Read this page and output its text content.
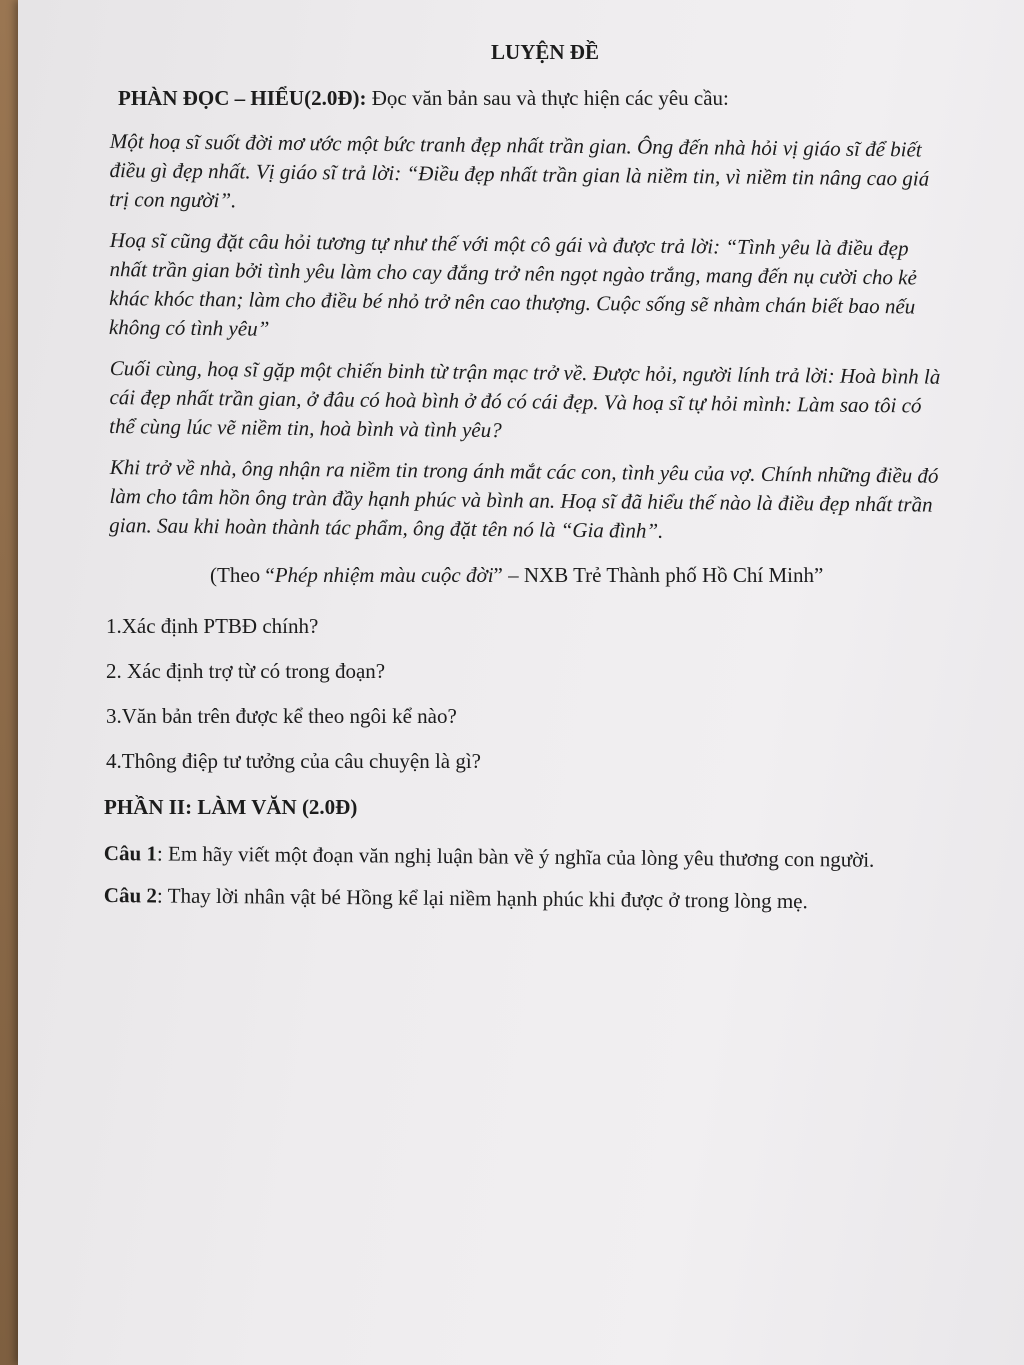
LUYỆN ĐỀ
PHÀN ĐỌC – HIỂU(2.0Đ): Đọc văn bản sau và thực hiện các yêu cầu:

Một hoạ sĩ suốt đời mơ ước một bức tranh đẹp nhất trần gian. Ông đến nhà hỏi vị giáo sĩ để biết điều gì đẹp nhất. Vị giáo sĩ trả lời: “Điều đẹp nhất trần gian là niềm tin, vì niềm tin nâng cao giá trị con người”.

Hoạ sĩ cũng đặt câu hỏi tương tự như thế với một cô gái và được trả lời: “Tình yêu là điều đẹp nhất trần gian bởi tình yêu làm cho cay đắng trở nên ngọt ngào trắng, mang đến nụ cười cho kẻ khác khóc than; làm cho điều bé nhỏ trở nên cao thượng. Cuộc sống sẽ nhàm chán biết bao nếu không có tình yêu”

Cuối cùng, hoạ sĩ gặp một chiến binh từ trận mạc trở về. Được hỏi, người lính trả lời: Hoà bình là cái đẹp nhất trần gian, ở đâu có hoà bình ở đó có cái đẹp. Và hoạ sĩ tự hỏi mình: Làm sao tôi có thể cùng lúc vẽ niềm tin, hoà bình và tình yêu?

Khi trở về nhà, ông nhận ra niềm tin trong ánh mắt các con, tình yêu của vợ. Chính những điều đó làm cho tâm hồn ông tràn đầy hạnh phúc và bình an. Hoạ sĩ đã hiểu thế nào là điều đẹp nhất trần gian. Sau khi hoàn thành tác phẩm, ông đặt tên nó là “Gia đình”.

(Theo “Phép nhiệm màu cuộc đời” – NXB Trẻ Thành phố Hồ Chí Minh”
1.Xác định PTBĐ chính?
2. Xác định trợ từ có trong đoạn?
3.Văn bản trên được kể theo ngôi kể nào?
4.Thông điệp tư tưởng của câu chuyện là gì?
PHẦN II: LÀM VĂN (2.0Đ)
Câu 1: Em hãy viết một đoạn văn nghị luận bàn về ý nghĩa của lòng yêu thương con người.
Câu 2: Thay lời nhân vật bé Hồng kể lại niềm hạnh phúc khi được ở trong lòng mẹ.
